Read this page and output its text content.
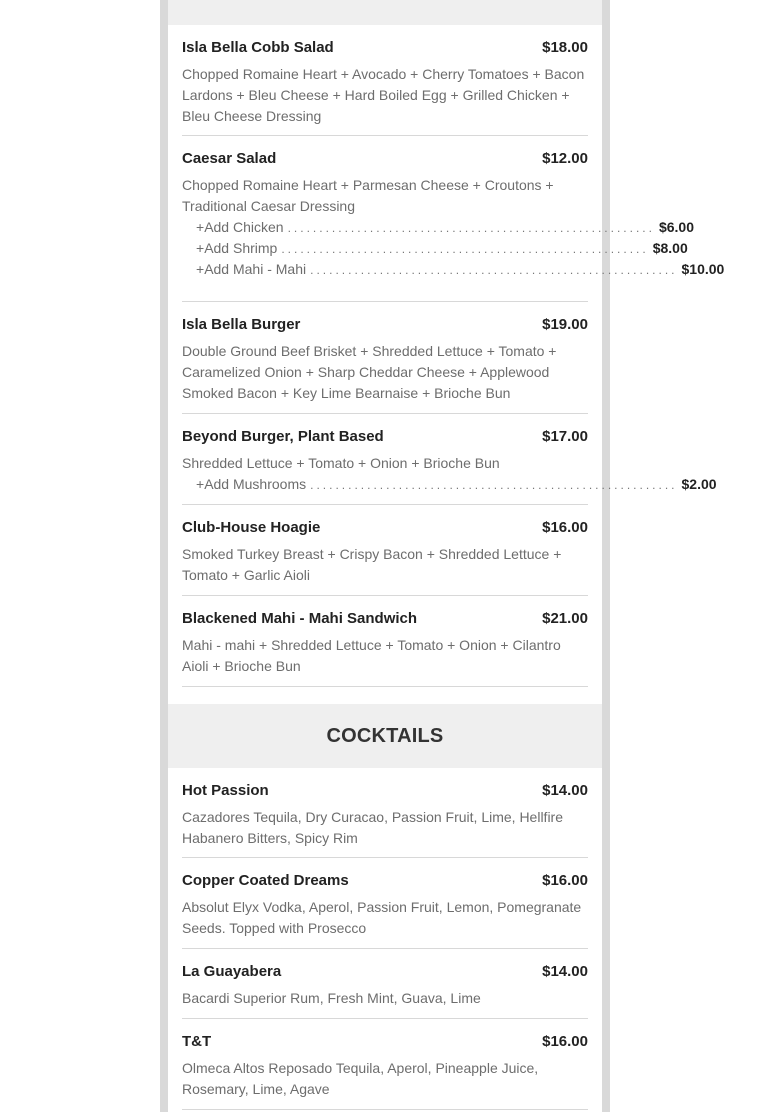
COCKTAILS
Isla Bella Cobb Salad	$18.00
Chopped Romaine Heart + Avocado + Cherry Tomatoes + Bacon Lardons + Bleu Cheese + Hard Boiled Egg + Grilled Chicken + Bleu Cheese Dressing
Caesar Salad	$12.00
Chopped Romaine Heart + Parmesan Cheese + Croutons + Traditional Caesar Dressing
+ Add Chicken .......................................................... $6.00
+ Add Shrimp .......................................................... $8.00
+ Add Mahi - Mahi .......................................................... $10.00
Isla Bella Burger	$19.00
Double Ground Beef Brisket + Shredded Lettuce + Tomato + Caramelized Onion + Sharp Cheddar Cheese + Applewood Smoked Bacon + Key Lime Bearnaise + Brioche Bun
Beyond Burger, Plant Based	$17.00
Shredded Lettuce + Tomato + Onion + Brioche Bun
+ Add Mushrooms .......................................................... $2.00
Club-House Hoagie	$16.00
Smoked Turkey Breast + Crispy Bacon + Shredded Lettuce + Tomato + Garlic Aioli
Blackened Mahi - Mahi Sandwich	$21.00
Mahi - mahi + Shredded Lettuce + Tomato + Onion + Cilantro Aioli + Brioche Bun
Hot Passion	$14.00
Cazadores Tequila, Dry Curacao, Passion Fruit, Lime, Hellfire Habanero Bitters, Spicy Rim
Copper Coated Dreams	$16.00
Absolut Elyx Vodka, Aperol, Passion Fruit, Lemon, Pomegranate Seeds. Topped with Prosecco
La Guayabera	$14.00
Bacardi Superior Rum, Fresh Mint, Guava, Lime
T&T	$16.00
Olmeca Altos Reposado Tequila, Aperol, Pineapple Juice, Rosemary, Lime, Agave
